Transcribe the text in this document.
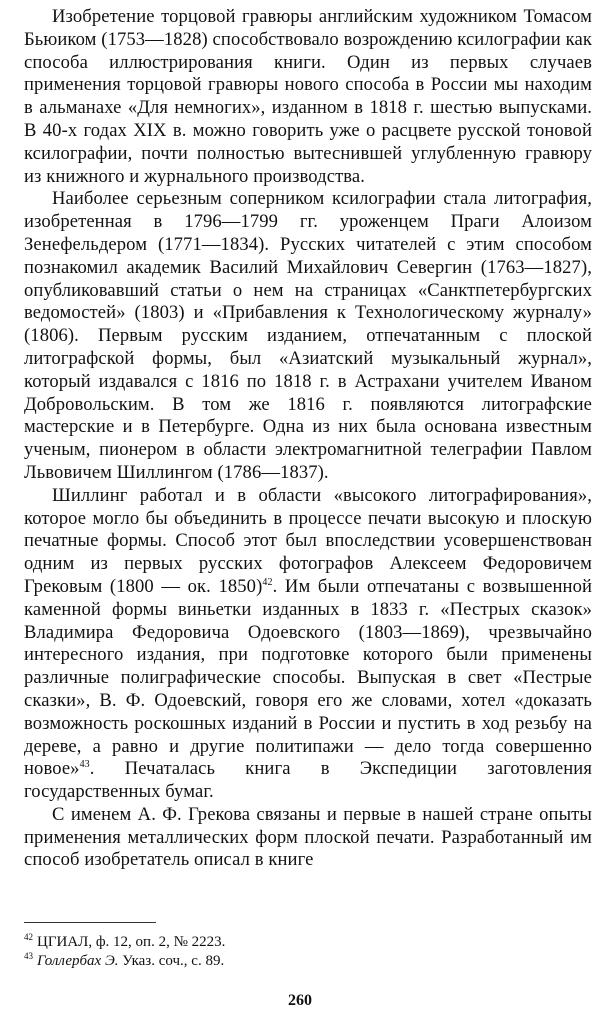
Изобретение торцовой гравюры английским художником Томасом Бьюиком (1753—1828) способствовало возрождению ксилографии как способа иллюстрирования книги. Один из первых случаев применения торцовой гравюры нового способа в России мы находим в альманахе «Для немногих», изданном в 1818 г. шестью выпусками. В 40-х годах XIX в. можно говорить уже о расцвете русской тоновой ксилографии, почти полностью вытеснившей углубленную гравюру из книжного и журнального производства.

Наиболее серьезным соперником ксилографии стала литография, изобретенная в 1796—1799 гг. уроженцем Праги Алоизом Зенефельдером (1771—1834). Русских читателей с этим способом познакомил академик Василий Михайлович Севергин (1763—1827), опубликовавший статьи о нем на страницах «Санктпетербургских ведомостей» (1803) и «Прибавления к Технологическому журналу» (1806). Первым русским изданием, отпечатанным с плоской литографской формы, был «Азиатский музыкальный журнал», который издавался с 1816 по 1818 г. в Астрахани учителем Иваном Добровольским. В том же 1816 г. появляются литографские мастерские и в Петербурге. Одна из них была основана известным ученым, пионером в области электромагнитной телеграфии Павлом Львовичем Шиллингом (1786—1837).

Шиллинг работал и в области «высокого литографирования», которое могло бы объединить в процессе печати высокую и плоскую печатные формы. Способ этот был впоследствии усовершенствован одним из первых русских фотографов Алексеем Федоровичем Грековым (1800 — ок. 1850)$^{42}$. Им были отпечатаны с возвышенной каменной формы виньетки изданных в 1833 г. «Пестрых сказок» Владимира Федоровича Одоевского (1803—1869), чрезвычайно интересного издания, при подготовке которого были применены различные полиграфические способы. Выпуская в свет «Пестрые сказки», В. Ф. Одоевский, говоря его же словами, хотел «доказать возможность роскошных изданий в России и пустить в ход резьбу на дереве, а равно и другие политипажи — дело тогда совершенно новое»$^{43}$. Печаталась книга в Экспедиции заготовления государственных бумаг.

С именем А. Ф. Грекова связаны и первые в нашей стране опыты применения металлических форм плоской печати. Разработанный им способ изобретатель описал в книге

$^{42}$ ЦГИАЛ, ф. 12, оп. 2, № 2223.

$^{43}$ Голлербах Э. Указ. соч., с. 89.

260
